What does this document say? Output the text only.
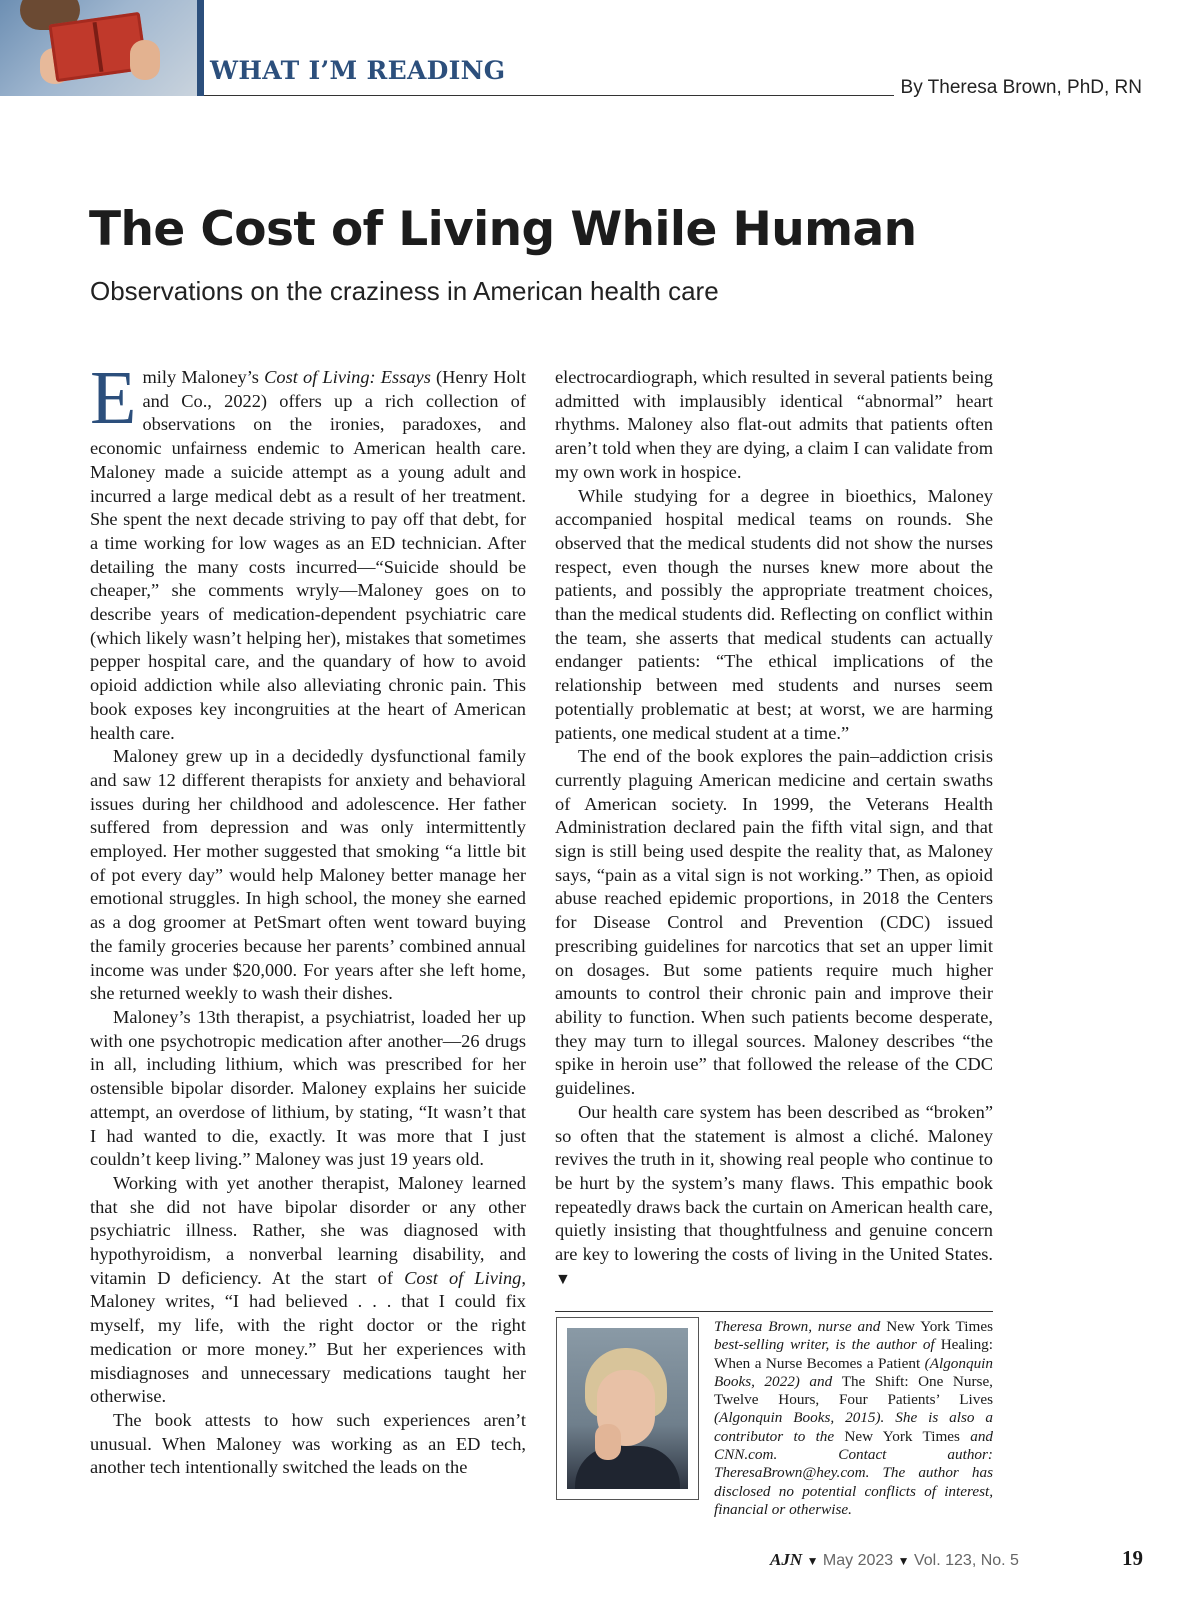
WHAT I’M READING
By Theresa Brown, PhD, RN
The Cost of Living While Human
Observations on the craziness in American health care

Emily Maloney’s Cost of Living: Essays (Henry Holt and Co., 2022) offers up a rich collection of observations on the ironies, paradoxes, and economic unfairness endemic to American health care. Maloney made a suicide attempt as a young adult and incurred a large medical debt as a result of her treatment. She spent the next decade striving to pay off that debt, for a time working for low wages as an ED technician. After detailing the many costs incurred—“Suicide should be cheaper,” she comments wryly—Maloney goes on to describe years of medication-dependent psychiatric care (which likely wasn’t helping her), mistakes that sometimes pepper hospital care, and the quandary of how to avoid opioid addiction while also alleviating chronic pain. This book exposes key incongruities at the heart of American health care.

Maloney grew up in a decidedly dysfunctional family and saw 12 different therapists for anxiety and behavioral issues during her childhood and adolescence. Her father suffered from depression and was only intermittently employed. Her mother suggested that smoking “a little bit of pot every day” would help Maloney better manage her emotional struggles. In high school, the money she earned as a dog groomer at PetSmart often went toward buying the family groceries because her parents’ combined annual income was under $20,000. For years after she left home, she returned weekly to wash their dishes.

Maloney’s 13th therapist, a psychiatrist, loaded her up with one psychotropic medication after another—26 drugs in all, including lithium, which was prescribed for her ostensible bipolar disorder. Maloney explains her suicide attempt, an overdose of lithium, by stating, “It wasn’t that I had wanted to die, exactly. It was more that I just couldn’t keep living.” Maloney was just 19 years old.

Working with yet another therapist, Maloney learned that she did not have bipolar disorder or any other psychiatric illness. Rather, she was diagnosed with hypothyroidism, a nonverbal learning disability, and vitamin D deficiency. At the start of Cost of Living, Maloney writes, “I had believed . . . that I could fix myself, my life, with the right doctor or the right medication or more money.” But her experiences with misdiagnoses and unnecessary medications taught her otherwise.

The book attests to how such experiences aren’t unusual. When Maloney was working as an ED tech, another tech intentionally switched the leads on the

electrocardiograph, which resulted in several patients being admitted with implausibly identical “abnormal” heart rhythms. Maloney also flat-out admits that patients often aren’t told when they are dying, a claim I can validate from my own work in hospice.

While studying for a degree in bioethics, Maloney accompanied hospital medical teams on rounds. She observed that the medical students did not show the nurses respect, even though the nurses knew more about the patients, and possibly the appropriate treatment choices, than the medical students did. Reflecting on conflict within the team, she asserts that medical students can actually endanger patients: “The ethical implications of the relationship between med students and nurses seem potentially problematic at best; at worst, we are harming patients, one medical student at a time.”

The end of the book explores the pain–addiction crisis currently plaguing American medicine and certain swaths of American society. In 1999, the Veterans Health Administration declared pain the fifth vital sign, and that sign is still being used despite the reality that, as Maloney says, “pain as a vital sign is not working.” Then, as opioid abuse reached epidemic proportions, in 2018 the Centers for Disease Control and Prevention (CDC) issued prescribing guidelines for narcotics that set an upper limit on dosages. But some patients require much higher amounts to control their chronic pain and improve their ability to function. When such patients become desperate, they may turn to illegal sources. Maloney describes “the spike in heroin use” that followed the release of the CDC guidelines.

Our health care system has been described as “broken” so often that the statement is almost a cliché. Maloney revives the truth in it, showing real people who continue to be hurt by the system’s many flaws. This empathic book repeatedly draws back the curtain on American health care, quietly insisting that thoughtfulness and genuine concern are key to lowering the costs of living in the United States. ▼

Theresa Brown, nurse and New York Times best-selling writer, is the author of Healing: When a Nurse Becomes a Patient (Algonquin Books, 2022) and The Shift: One Nurse, Twelve Hours, Four Patients’ Lives (Algonquin Books, 2015). She is also a contributor to the New York Times and CNN.com. Contact author: TheresaBrown@hey.com. The author has disclosed no potential conflicts of interest, financial or otherwise.
AJN ▼ May 2023 ▼ Vol. 123, No. 5	19
